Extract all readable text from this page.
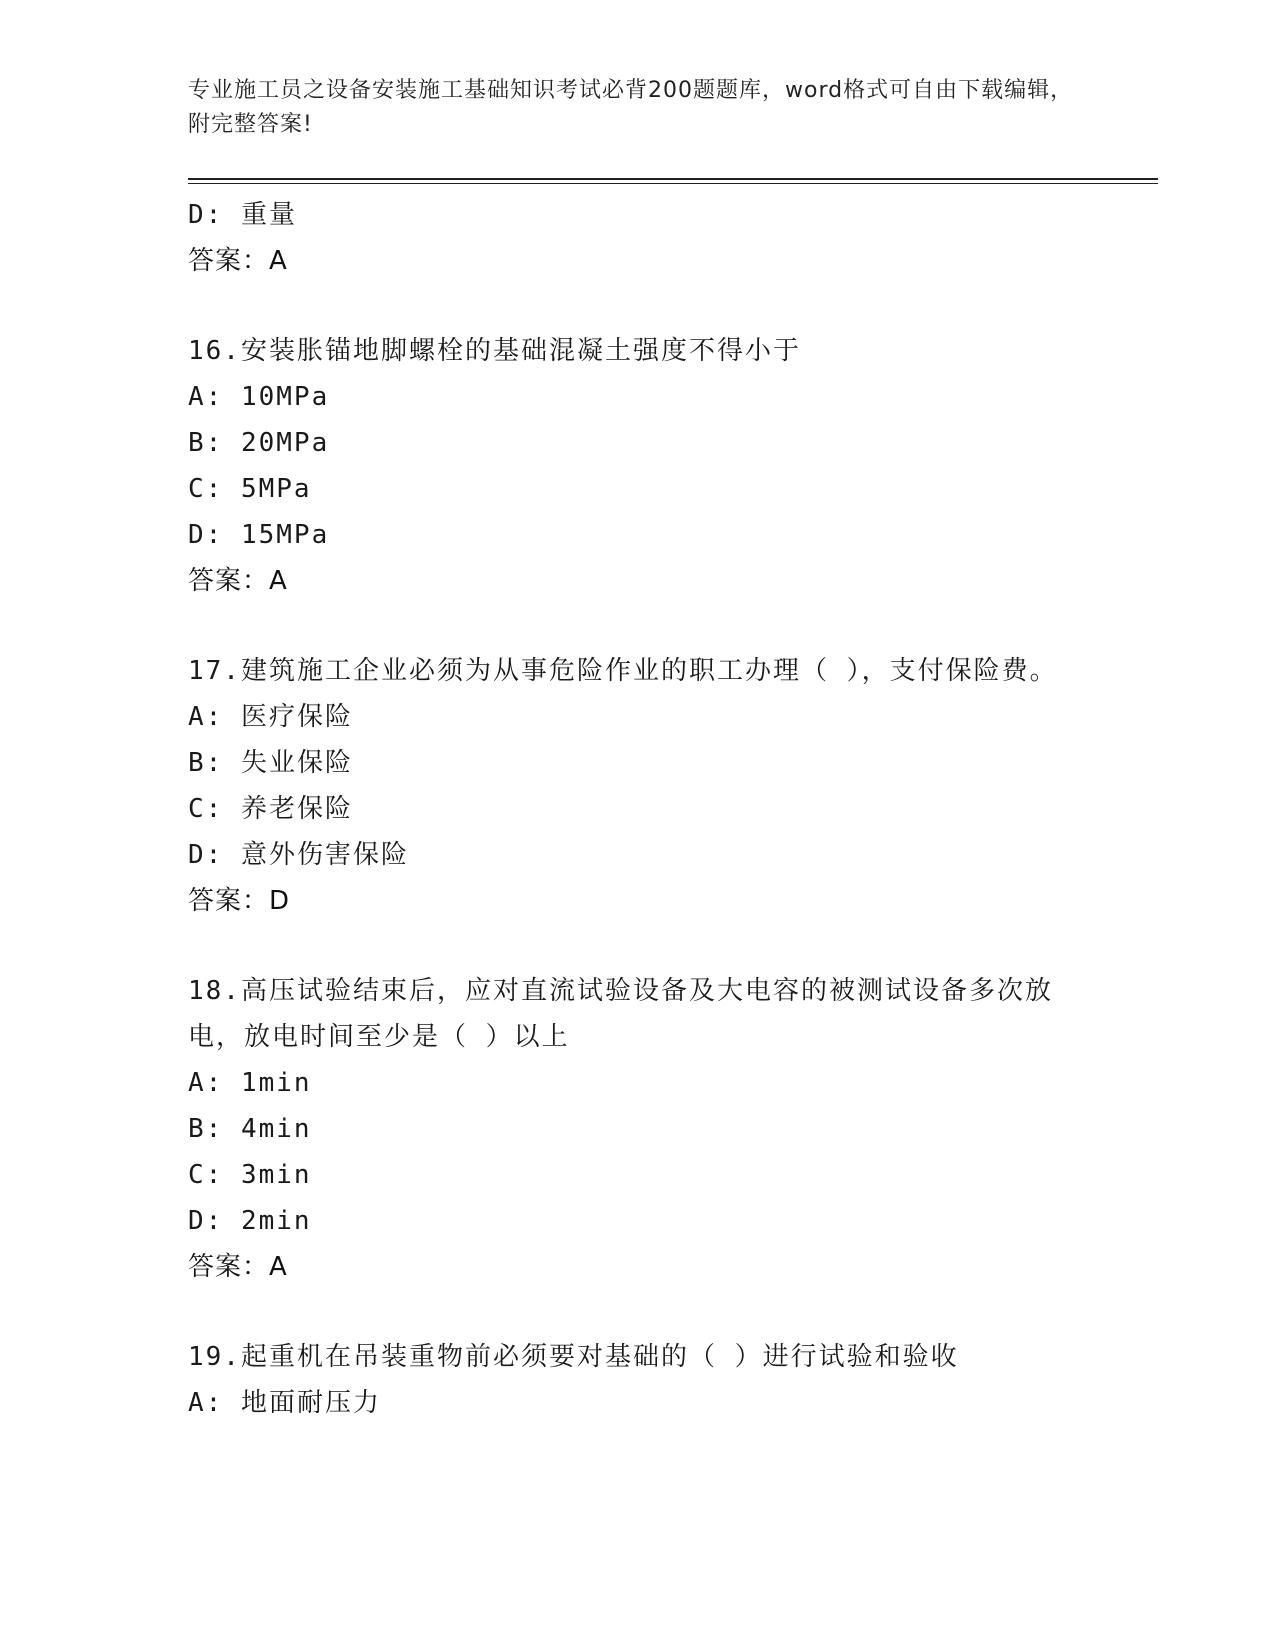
专业施工员之设备安装施工基础知识考试必背200题题库，word格式可自由下载编辑，附完整答案!
D: 重量
答案：A
16.安装胀锚地脚螺栓的基础混凝土强度不得小于
A: 10MPa
B: 20MPa
C: 5MPa
D: 15MPa
答案：A
17.建筑施工企业必须为从事危险作业的职工办理（ ），支付保险费。
A: 医疗保险
B: 失业保险
C: 养老保险
D: 意外伤害保险
答案：D
18.高压试验结束后，应对直流试验设备及大电容的被测试设备多次放电，放电时间至少是（ ）以上
A: 1min
B: 4min
C: 3min
D: 2min
答案：A
19.起重机在吊装重物前必须要对基础的（ ）进行试验和验收
A: 地面耐压力
